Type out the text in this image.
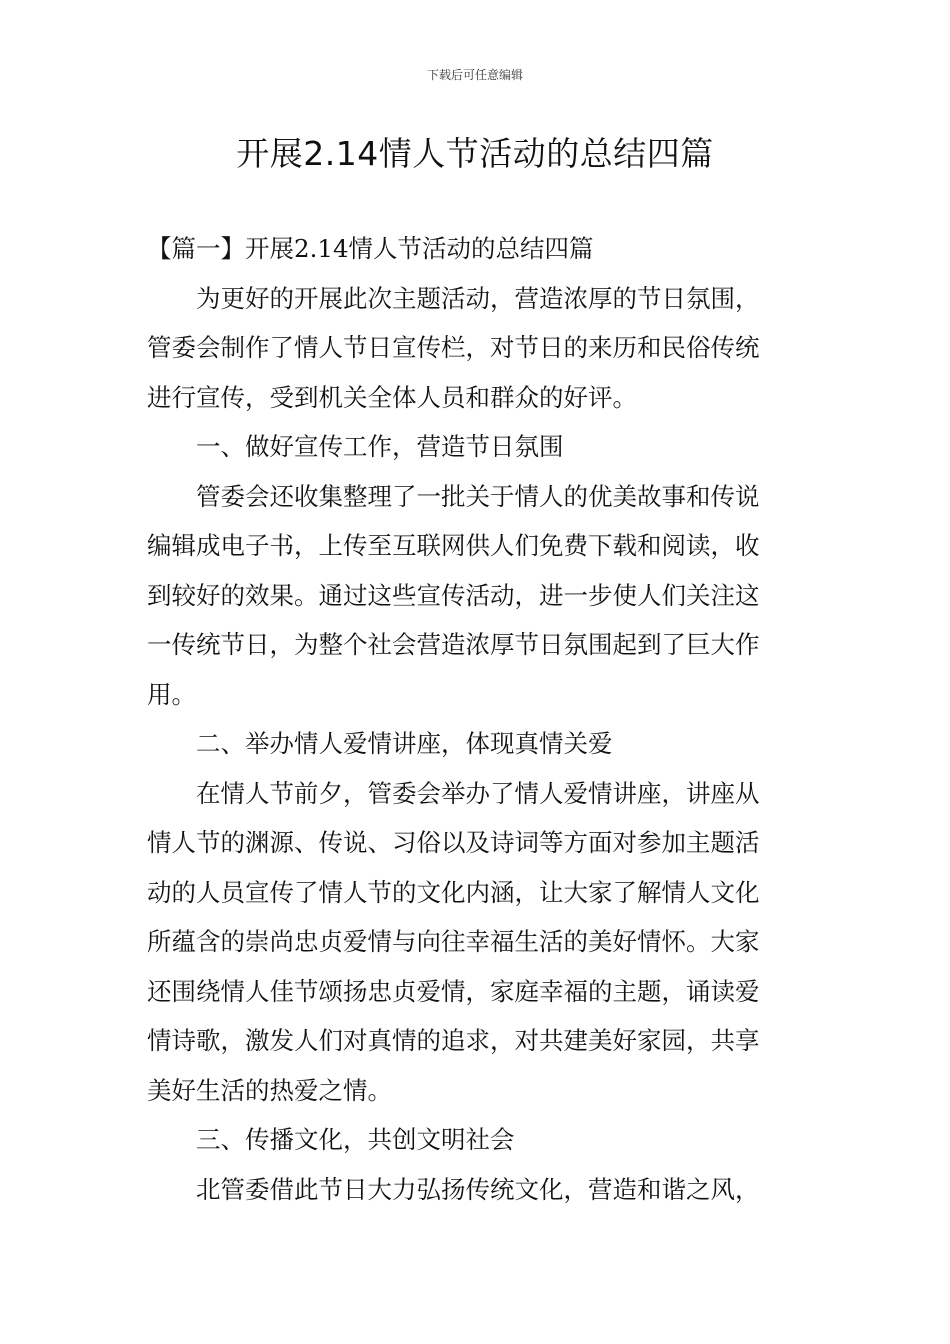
下载后可任意编辑
开展2.14情人节活动的总结四篇

【篇一】开展2.14情人节活动的总结四篇

为更好的开展此次主题活动，营造浓厚的节日氛围，
管委会制作了情人节日宣传栏，对节日的来历和民俗传统
进行宣传，受到机关全体人员和群众的好评。

一、做好宣传工作，营造节日氛围

管委会还收集整理了一批关于情人的优美故事和传说
编辑成电子书，上传至互联网供人们免费下载和阅读，收
到较好的效果。通过这些宣传活动，进一步使人们关注这
一传统节日，为整个社会营造浓厚节日氛围起到了巨大作
用。

二、举办情人爱情讲座，体现真情关爱

在情人节前夕，管委会举办了情人爱情讲座，讲座从
情人节的渊源、传说、习俗以及诗词等方面对参加主题活
动的人员宣传了情人节的文化内涵，让大家了解情人文化
所蕴含的崇尚忠贞爱情与向往幸福生活的美好情怀。大家
还围绕情人佳节颂扬忠贞爱情，家庭幸福的主题，诵读爱
情诗歌，激发人们对真情的追求，对共建美好家园，共享
美好生活的热爱之情。

三、传播文化，共创文明社会

北管委借此节日大力弘扬传统文化，营造和谐之风，
